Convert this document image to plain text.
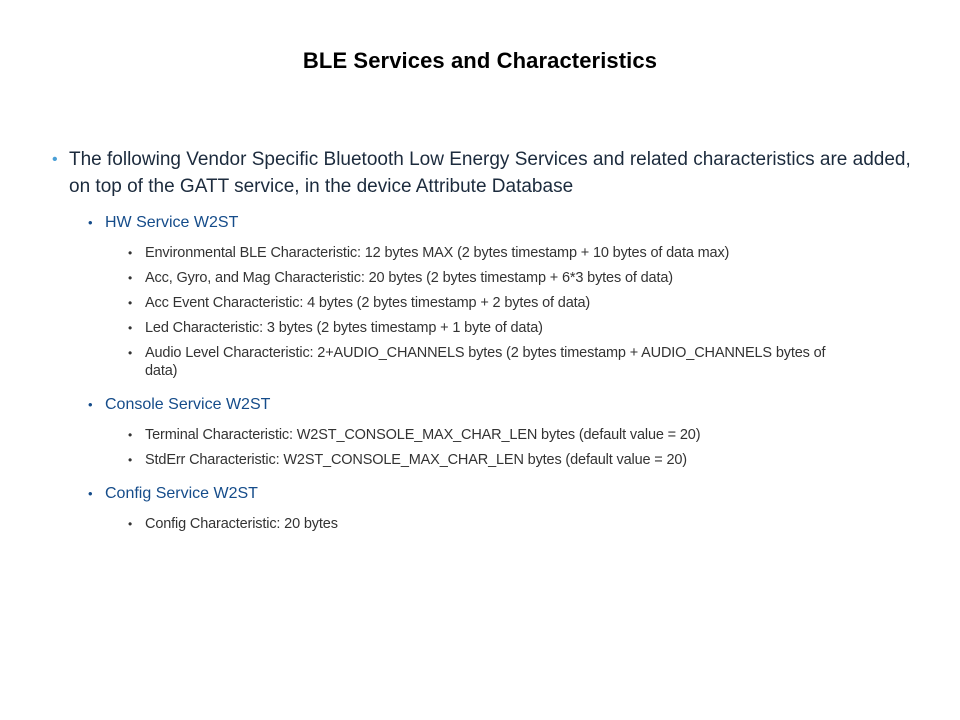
BLE Services and Characteristics
• The following Vendor Specific Bluetooth Low Energy Services and related characteristics are added, on top of the GATT service, in the device Attribute Database
• HW Service W2ST
• Environmental BLE Characteristic: 12 bytes MAX (2 bytes timestamp + 10 bytes of data max)
• Acc, Gyro, and Mag Characteristic: 20 bytes (2 bytes timestamp + 6*3 bytes of data)
• Acc Event Characteristic: 4 bytes (2 bytes timestamp + 2 bytes of data)
• Led Characteristic: 3 bytes (2 bytes timestamp + 1 byte of data)
• Audio Level Characteristic: 2+AUDIO_CHANNELS bytes (2 bytes timestamp + AUDIO_CHANNELS bytes of data)
• Console Service W2ST
• Terminal Characteristic: W2ST_CONSOLE_MAX_CHAR_LEN bytes (default value = 20)
• StdErr Characteristic: W2ST_CONSOLE_MAX_CHAR_LEN bytes (default value = 20)
• Config Service W2ST
• Config Characteristic: 20 bytes
